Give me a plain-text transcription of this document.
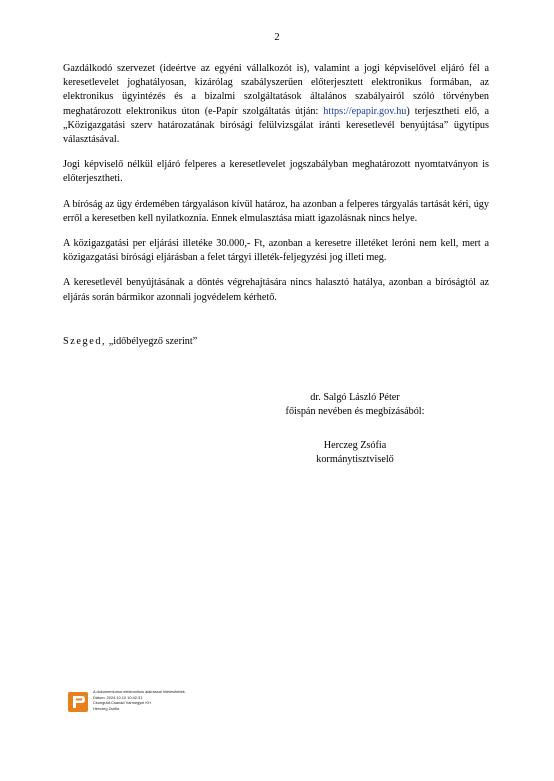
2

Gazdálkodó szervezet (ideértve az egyéni vállalkozót is), valamint a jogi képviselővel eljáró fél a keresetlevelet joghatályosan, kizárólag szabályszerűen előterjesztett elektronikus formában, az elektronikus ügyintézés és a bizalmi szolgáltatások általános szabályairól szóló törvényben meghatározott elektronikus úton (e-Papír szolgáltatás útján: https://epapir.gov.hu) terjesztheti elő, a „Közigazgatási szerv határozatának bírósági felülvizsgálat iránti keresetlevél benyújtása” ügytípus választásával.

Jogi képviselő nélkül eljáró felperes a keresetlevelet jogszabályban meghatározott nyomtatványon is előterjesztheti.

A bíróság az ügy érdemében tárgyaláson kívül határoz, ha azonban a felperes tárgyalás tartását kéri, úgy erről a keresetben kell nyilatkoznia. Ennek elmulasztása miatt igazolásnak nincs helye.

A közigazgatási per eljárási illetéke 30.000,- Ft, azonban a keresetre illetéket leróni nem kell, mert a közigazgatási bírósági eljárásban a felet tárgyi illeték-feljegyzési jog illeti meg.

A keresetlevél benyújtásának a döntés végrehajtására nincs halasztó hatálya, azonban a bíróságtól az eljárás során bármikor azonnali jogvédelem kérhető.

Szeged, „időbélyegző szerint”
dr. Salgó László Péter
főispán nevében és megbízásából:
Herczeg Zsófia
kormánytisztviselő
A dokumentumot elektronikus aláírással hitelesítették.
Dátum: 2024.10.10 10:42:31
Csongrád-Csanád Vármegyei KH
Herczeg Zsófia
